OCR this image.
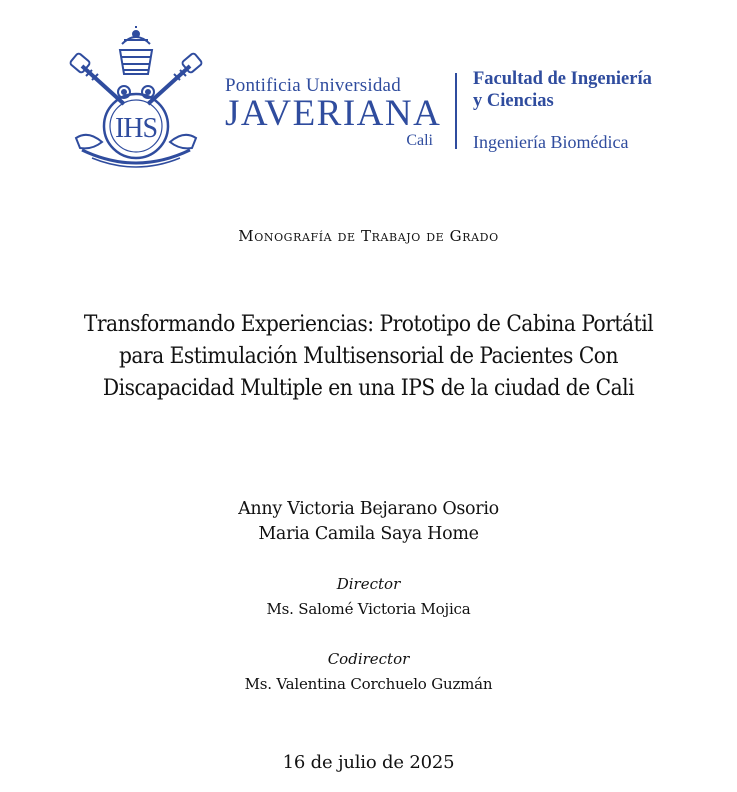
IHS
Pontificia Universidad
JAVERIANA
Cali
Facultad de Ingeniería
y Ciencias
Ingeniería Biomédica
Monografía de Trabajo de Grado
Transformando Experiencias: Prototipo de Cabina Portátil para Estimulación Multisensorial de Pacientes Con Discapacidad Multiple en una IPS de la ciudad de Cali
Anny Victoria Bejarano Osorio
Maria Camila Saya Home
Director
Ms. Salomé Victoria Mojica
Codirector
Ms. Valentina Corchuelo Guzmán
16 de julio de 2025
